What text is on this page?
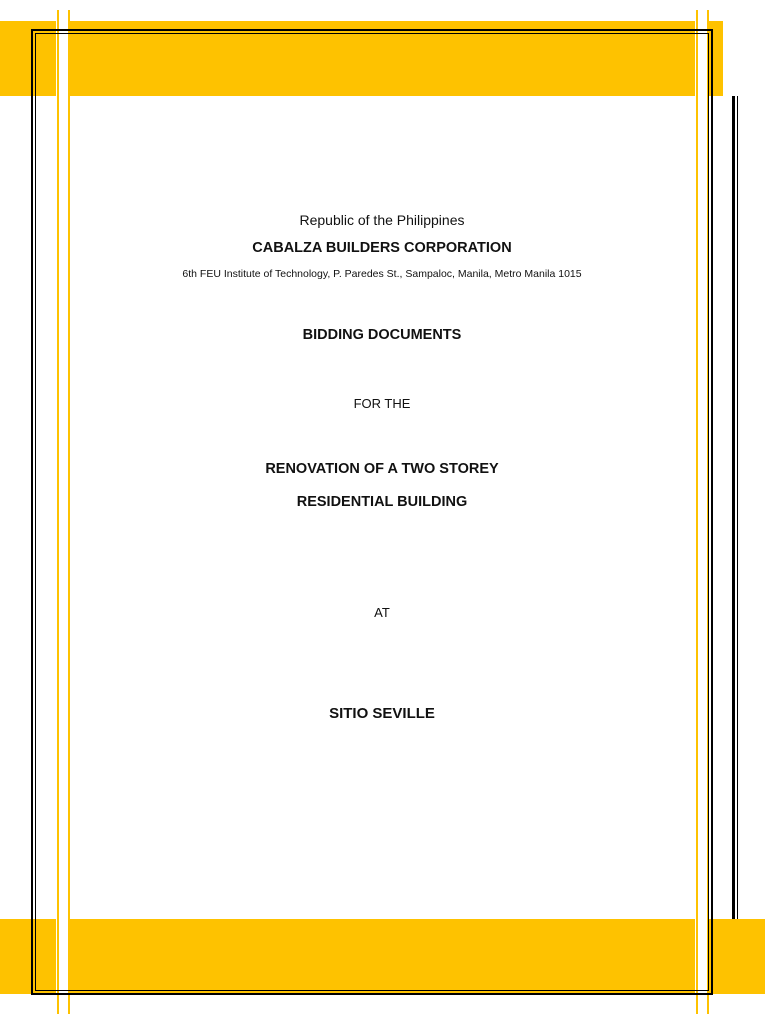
Republic of the Philippines
CABALZA BUILDERS CORPORATION
6th FEU Institute of Technology, P. Paredes St., Sampaloc, Manila, Metro Manila 1015
BIDDING DOCUMENTS
FOR THE
RENOVATION OF A TWO STOREY
RESIDENTIAL BUILDING
AT
SITIO SEVILLE
